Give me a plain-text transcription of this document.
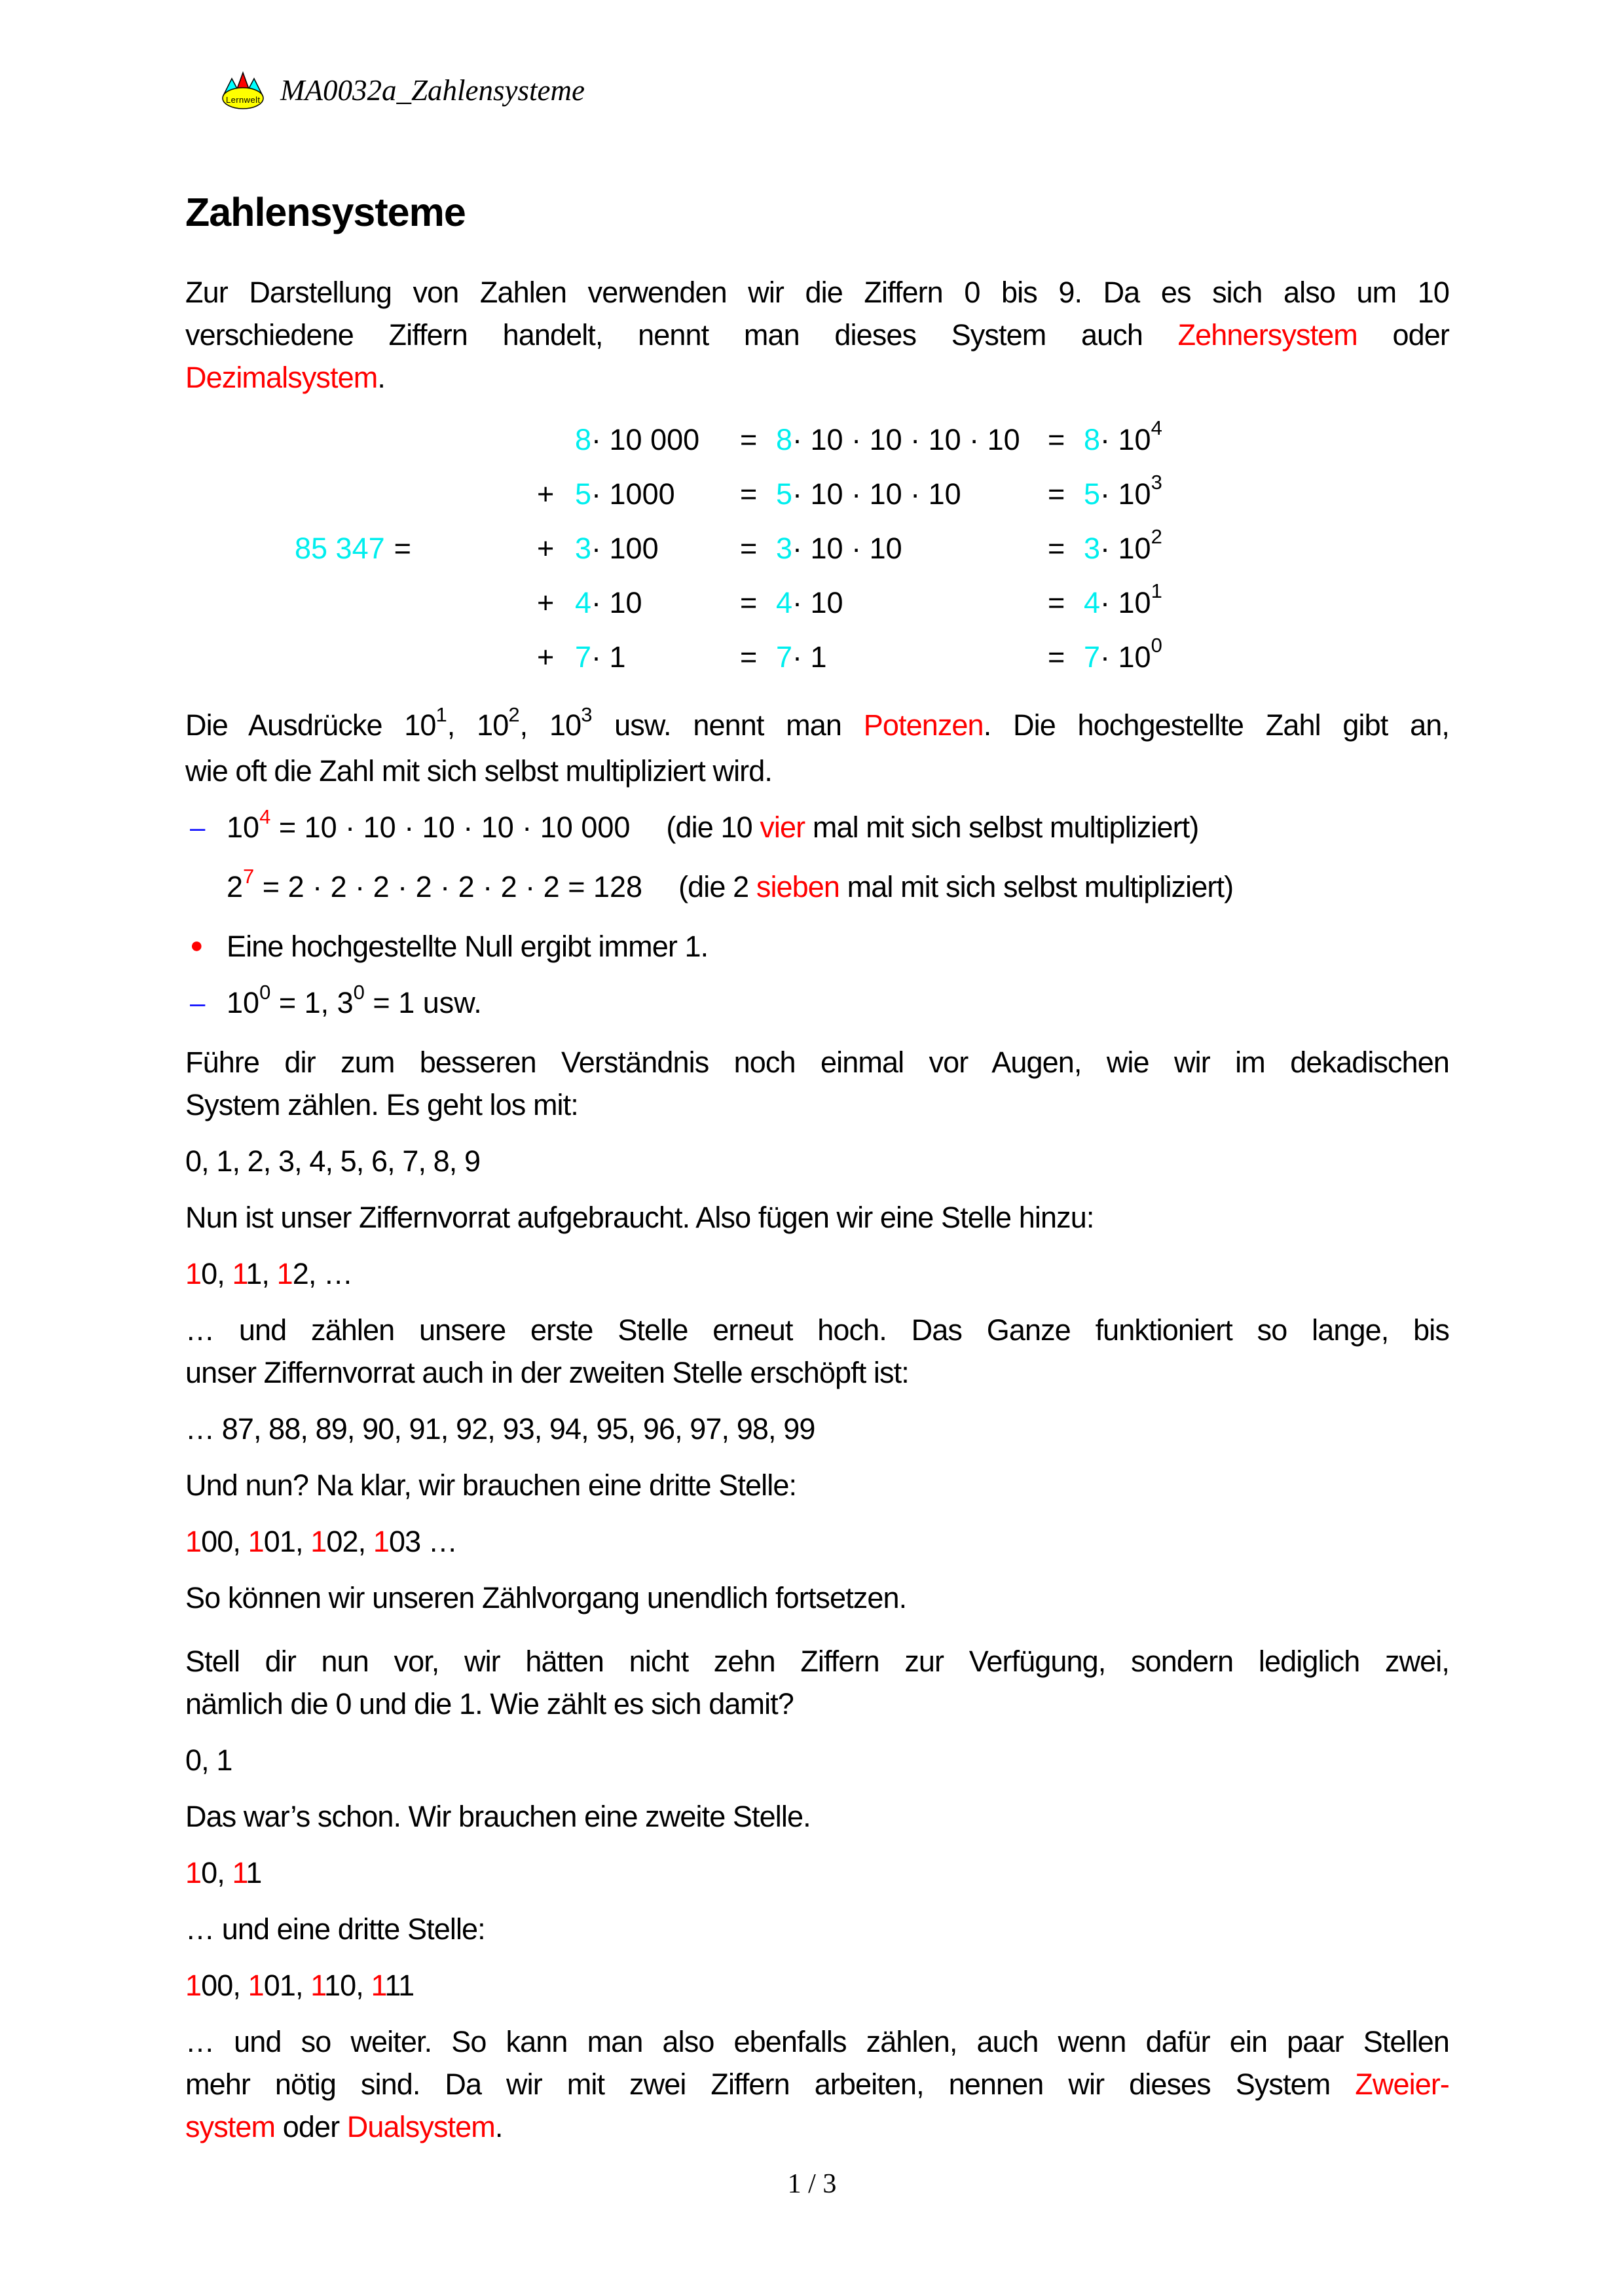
Lernwelt MA0032a_Zahlensysteme
Zahlensysteme
Zur Darstellung von Zahlen verwenden wir die Ziffern 0 bis 9. Da es sich also um 10
verschiedene Ziffern handelt, nennt man dieses System auch Zehnersystem oder
Dezimalsystem.
8· 10 000	= $8\cdot 10 \cdot 10 \cdot 10 \cdot 10 = 8\cdot 10^4$
+ 5· 1000	= 5· 10 · 10 · 10	= $5\cdot 10^3$
85 347 =	+ 3· 100	= 3· 10 · 10	= $3\cdot 10^2$
+ 4· 10	= 4· 10	= $4\cdot 10^1$
+ 7· 1	= 7· 1	= $7\cdot 10^0$
Die Ausdrücke $10^1$, $10^2$, $10^3$ usw. nennt man Potenzen. Die hochgestellte Zahl gibt an,
wie oft die Zahl mit sich selbst multipliziert wird.
– $10^4 = 10 \cdot 10 \cdot 10 \cdot 10 \cdot 10$ 000 (die 10 vier mal mit sich selbst multipliziert)
$2^7 = 2 \cdot 2 \cdot 2 \cdot 2 \cdot 2 \cdot 2 \cdot 2 = 128$ (die 2 sieben mal mit sich selbst multipliziert)
● Eine hochgestellte Null ergibt immer 1.
– $10^0 = 1$, $3^0 = 1$ usw.
Führe dir zum besseren Verständnis noch einmal vor Augen, wie wir im dekadischen
System zählen. Es geht los mit:
0, 1, 2, 3, 4, 5, 6, 7, 8, 9
Nun ist unser Ziffernvorrat aufgebraucht. Also fügen wir eine Stelle hinzu:
10, 11, 12, …
… und zählen unsere erste Stelle erneut hoch. Das Ganze funktioniert so lange, bis
unser Ziffernvorrat auch in der zweiten Stelle erschöpft ist:
… 87, 88, 89, 90, 91, 92, 93, 94, 95, 96, 97, 98, 99
Und nun? Na klar, wir brauchen eine dritte Stelle:
100, 101, 102, 103 …
So können wir unseren Zählvorgang unendlich fortsetzen.
Stell dir nun vor, wir hätten nicht zehn Ziffern zur Verfügung, sondern lediglich zwei,
nämlich die 0 und die 1. Wie zählt es sich damit?
0, 1
Das war’s schon. Wir brauchen eine zweite Stelle.
10, 11
… und eine dritte Stelle:
100, 101, 110, 111
… und so weiter. So kann man also ebenfalls zählen, auch wenn dafür ein paar Stellen
mehr nötig sind. Da wir mit zwei Ziffern arbeiten, nennen wir dieses System Zweier-
system oder Dualsystem.
1 / 3
